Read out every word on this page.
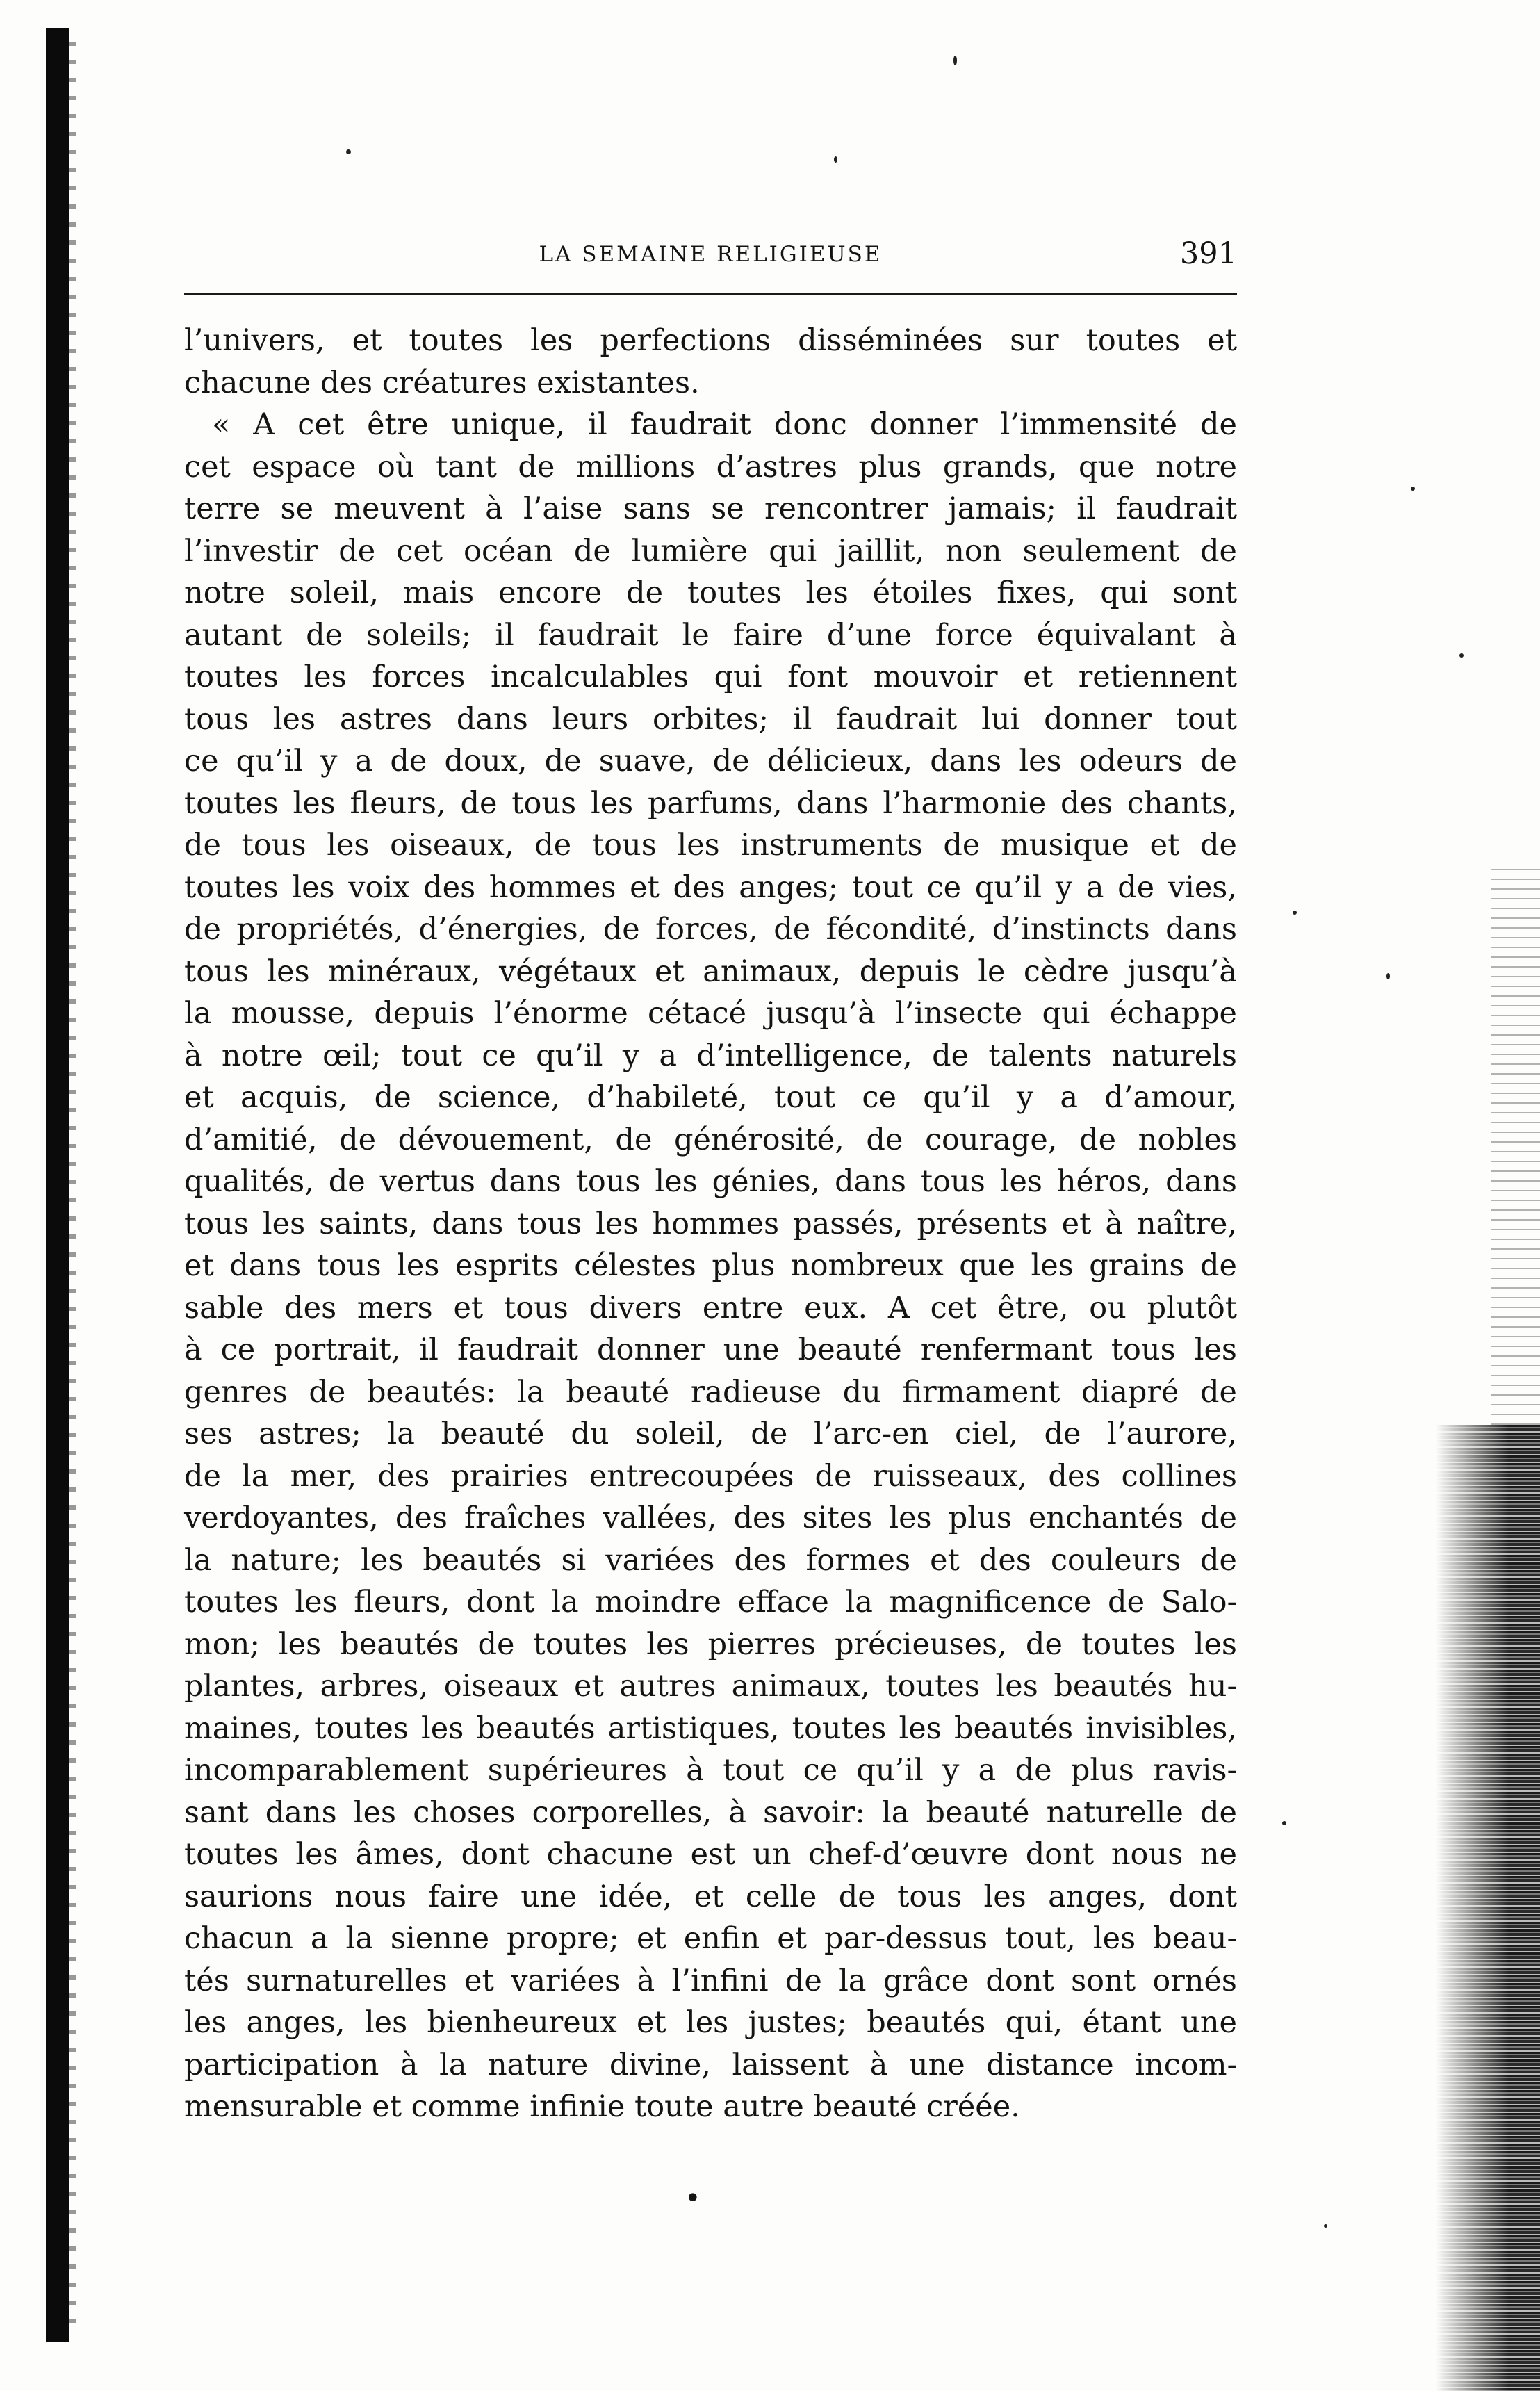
LA SEMAINE RELIGIEUSE	391
l’univers, et toutes les perfections disséminées sur toutes et
chacune des créatures existantes.
« A cet être unique, il faudrait donc donner l’immensité de
cet espace où tant de millions d’astres plus grands, que notre
terre se meuvent à l’aise sans se rencontrer jamais; il faudrait
l’investir de cet océan de lumière qui jaillit, non seulement de
notre soleil, mais encore de toutes les étoiles fixes, qui sont
autant de soleils; il faudrait le faire d’une force équivalant à
toutes les forces incalculables qui font mouvoir et retiennent
tous les astres dans leurs orbites; il faudrait lui donner tout
ce qu’il y a de doux, de suave, de délicieux, dans les odeurs de
toutes les fleurs, de tous les parfums, dans l’harmonie des chants,
de tous les oiseaux, de tous les instruments de musique et de
toutes les voix des hommes et des anges; tout ce qu’il y a de vies,
de propriétés, d’énergies, de forces, de fécondité, d’instincts dans
tous les minéraux, végétaux et animaux, depuis le cèdre jusqu’à
la mousse, depuis l’énorme cétacé jusqu’à l’insecte qui échappe
à notre œil; tout ce qu’il y a d’intelligence, de talents naturels
et acquis, de science, d’habileté, tout ce qu’il y a d’amour,
d’amitié, de dévouement, de générosité, de courage, de nobles
qualités, de vertus dans tous les génies, dans tous les héros, dans
tous les saints, dans tous les hommes passés, présents et à naître,
et dans tous les esprits célestes plus nombreux que les grains de
sable des mers et tous divers entre eux. A cet être, ou plutôt
à ce portrait, il faudrait donner une beauté renfermant tous les
genres de beautés: la beauté radieuse du firmament diapré de
ses astres; la beauté du soleil, de l’arc-en ciel, de l’aurore,
de la mer, des prairies entrecoupées de ruisseaux, des collines
verdoyantes, des fraîches vallées, des sites les plus enchantés de
la nature; les beautés si variées des formes et des couleurs de
toutes les fleurs, dont la moindre efface la magnificence de Salo-
mon; les beautés de toutes les pierres précieuses, de toutes les
plantes, arbres, oiseaux et autres animaux, toutes les beautés hu-
maines, toutes les beautés artistiques, toutes les beautés invisibles,
incomparablement supérieures à tout ce qu’il y a de plus ravis-
sant dans les choses corporelles, à savoir: la beauté naturelle de
toutes les âmes, dont chacune est un chef-d’œuvre dont nous ne
saurions nous faire une idée, et celle de tous les anges, dont
chacun a la sienne propre; et enfin et par-dessus tout, les beau-
tés surnaturelles et variées à l’infini de la grâce dont sont ornés
les anges, les bienheureux et les justes; beautés qui, étant une
participation à la nature divine, laissent à une distance incom-
mensurable et comme infinie toute autre beauté créée.
•
